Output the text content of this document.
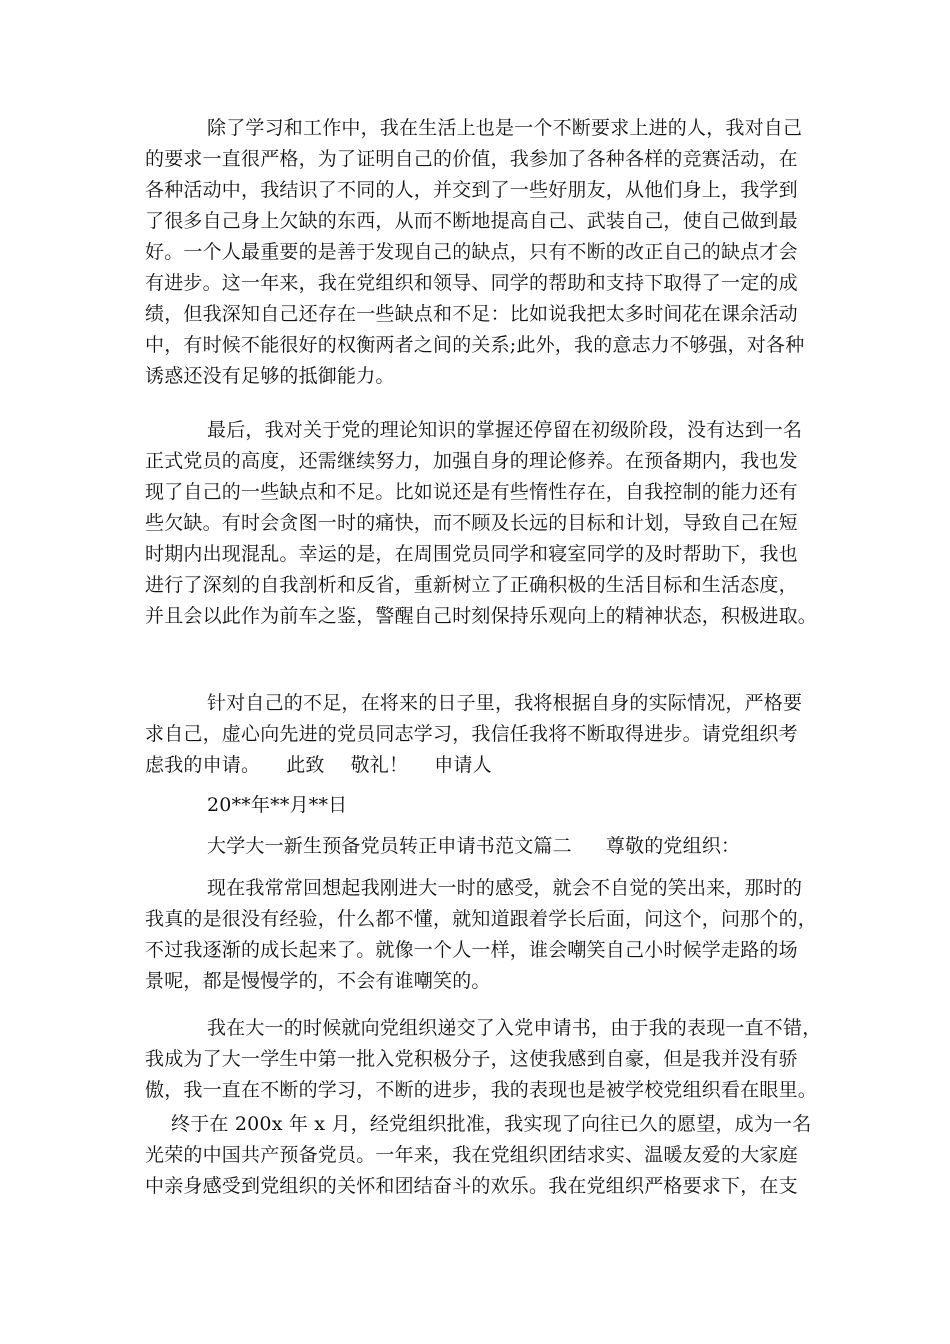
除了学习和工作中，我在生活上也是一个不断要求上进的人，我对自己
的要求一直很严格，为了证明自己的价值，我参加了各种各样的竞赛活动，在
各种活动中，我结识了不同的人，并交到了一些好朋友，从他们身上，我学到
了很多自己身上欠缺的东西，从而不断地提高自己、武装自己，使自己做到最
好。一个人最重要的是善于发现自己的缺点，只有不断的改正自己的缺点才会
有进步。这一年来，我在党组织和领导、同学的帮助和支持下取得了一定的成
绩，但我深知自己还存在一些缺点和不足：比如说我把太多时间花在课余活动
中，有时候不能很好的权衡两者之间的关系;此外，我的意志力不够强，对各种
诱惑还没有足够的抵御能力。
最后，我对关于党的理论知识的掌握还停留在初级阶段，没有达到一名
正式党员的高度，还需继续努力，加强自身的理论修养。在预备期内，我也发
现了自己的一些缺点和不足。比如说还是有些惰性存在，自我控制的能力还有
些欠缺。有时会贪图一时的痛快，而不顾及长远的目标和计划，导致自己在短
时期内出现混乱。幸运的是，在周围党员同学和寝室同学的及时帮助下，我也
进行了深刻的自我剖析和反省，重新树立了正确积极的生活目标和生活态度，
并且会以此作为前车之鉴，警醒自己时刻保持乐观向上的精神状态，积极进取。
针对自己的不足，在将来的日子里，我将根据自身的实际情况，严格要
求自己，虚心向先进的党员同志学习，我信任我将不断取得进步。请党组织考
虑我的申请。 此致 敬礼！ 申请人
20**年**月**日
大学大一新生预备党员转正申请书范文篇二 尊敬的党组织：
现在我常常回想起我刚进大一时的感受，就会不自觉的笑出来，那时的
我真的是很没有经验，什么都不懂，就知道跟着学长后面，问这个，问那个的，
不过我逐渐的成长起来了。就像一个人一样，谁会嘲笑自己小时候学走路的场
景呢，都是慢慢学的，不会有谁嘲笑的。
我在大一的时候就向党组织递交了入党申请书，由于我的表现一直不错，
我成为了大一学生中第一批入党积极分子，这使我感到自豪，但是我并没有骄
傲，我一直在不断的学习，不断的进步，我的表现也是被学校党组织看在眼里。
终于在 200x 年 x 月，经党组织批准，我实现了向往已久的愿望，成为一名
光荣的中国共产预备党员。一年来，我在党组织团结求实、温暖友爱的大家庭
中亲身感受到党组织的关怀和团结奋斗的欢乐。我在党组织严格要求下，在支
